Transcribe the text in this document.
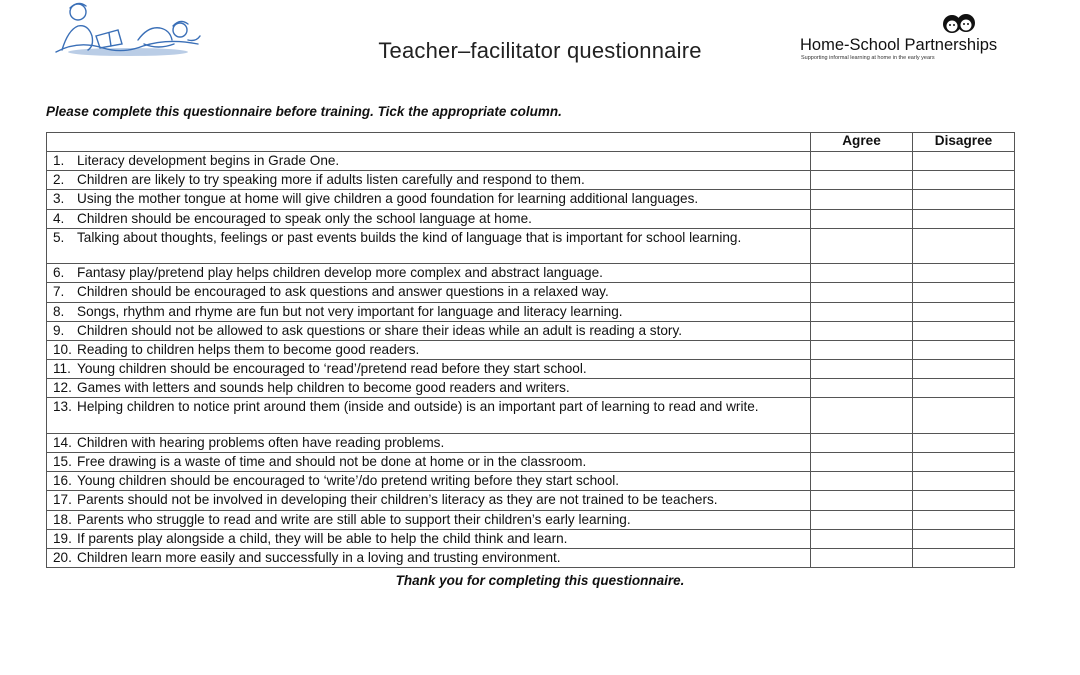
Teacher–facilitator questionnaire	Home-School Partnerships
Supporting informal learning at home in the early years
Please complete this questionnaire before training. Tick the appropriate column.
	Agree	Disagree

1. Literacy development begins in Grade One.		

2. Children are likely to try speaking more if adults listen carefully and respond to them.		

3. Using the mother tongue at home will give children a good foundation for learning additional languages.		

4. Children should be encouraged to speak only the school language at home.		

5. Talking about thoughts, feelings or past events builds the kind of language that is important for school learning.		

6. Fantasy play/pretend play helps children develop more complex and abstract language.		

7. Children should be encouraged to ask questions and answer questions in a relaxed way.		

8. Songs, rhythm and rhyme are fun but not very important for language and literacy learning.		

9. Children should not be allowed to ask questions or share their ideas while an adult is reading a story.		

10. Reading to children helps them to become good readers.		

11. Young children should be encouraged to ‘read’/pretend read before they start school.		

12. Games with letters and sounds help children to become good readers and writers.		

13. Helping children to notice print around them (inside and outside) is an important part of learning to read and write.		

14. Children with hearing problems often have reading problems.		

15. Free drawing is a waste of time and should not be done at home or in the classroom.		

16. Young children should be encouraged to ‘write’/do pretend writing before they start school.		

17. Parents should not be involved in developing their children’s literacy as they are not trained to be teachers.		

18. Parents who struggle to read and write are still able to support their children’s early learning.		

19. If parents play alongside a child, they will be able to help the child think and learn.		

20. Children learn more easily and successfully in a loving and trusting environment.		

Thank you for completing this questionnaire.
